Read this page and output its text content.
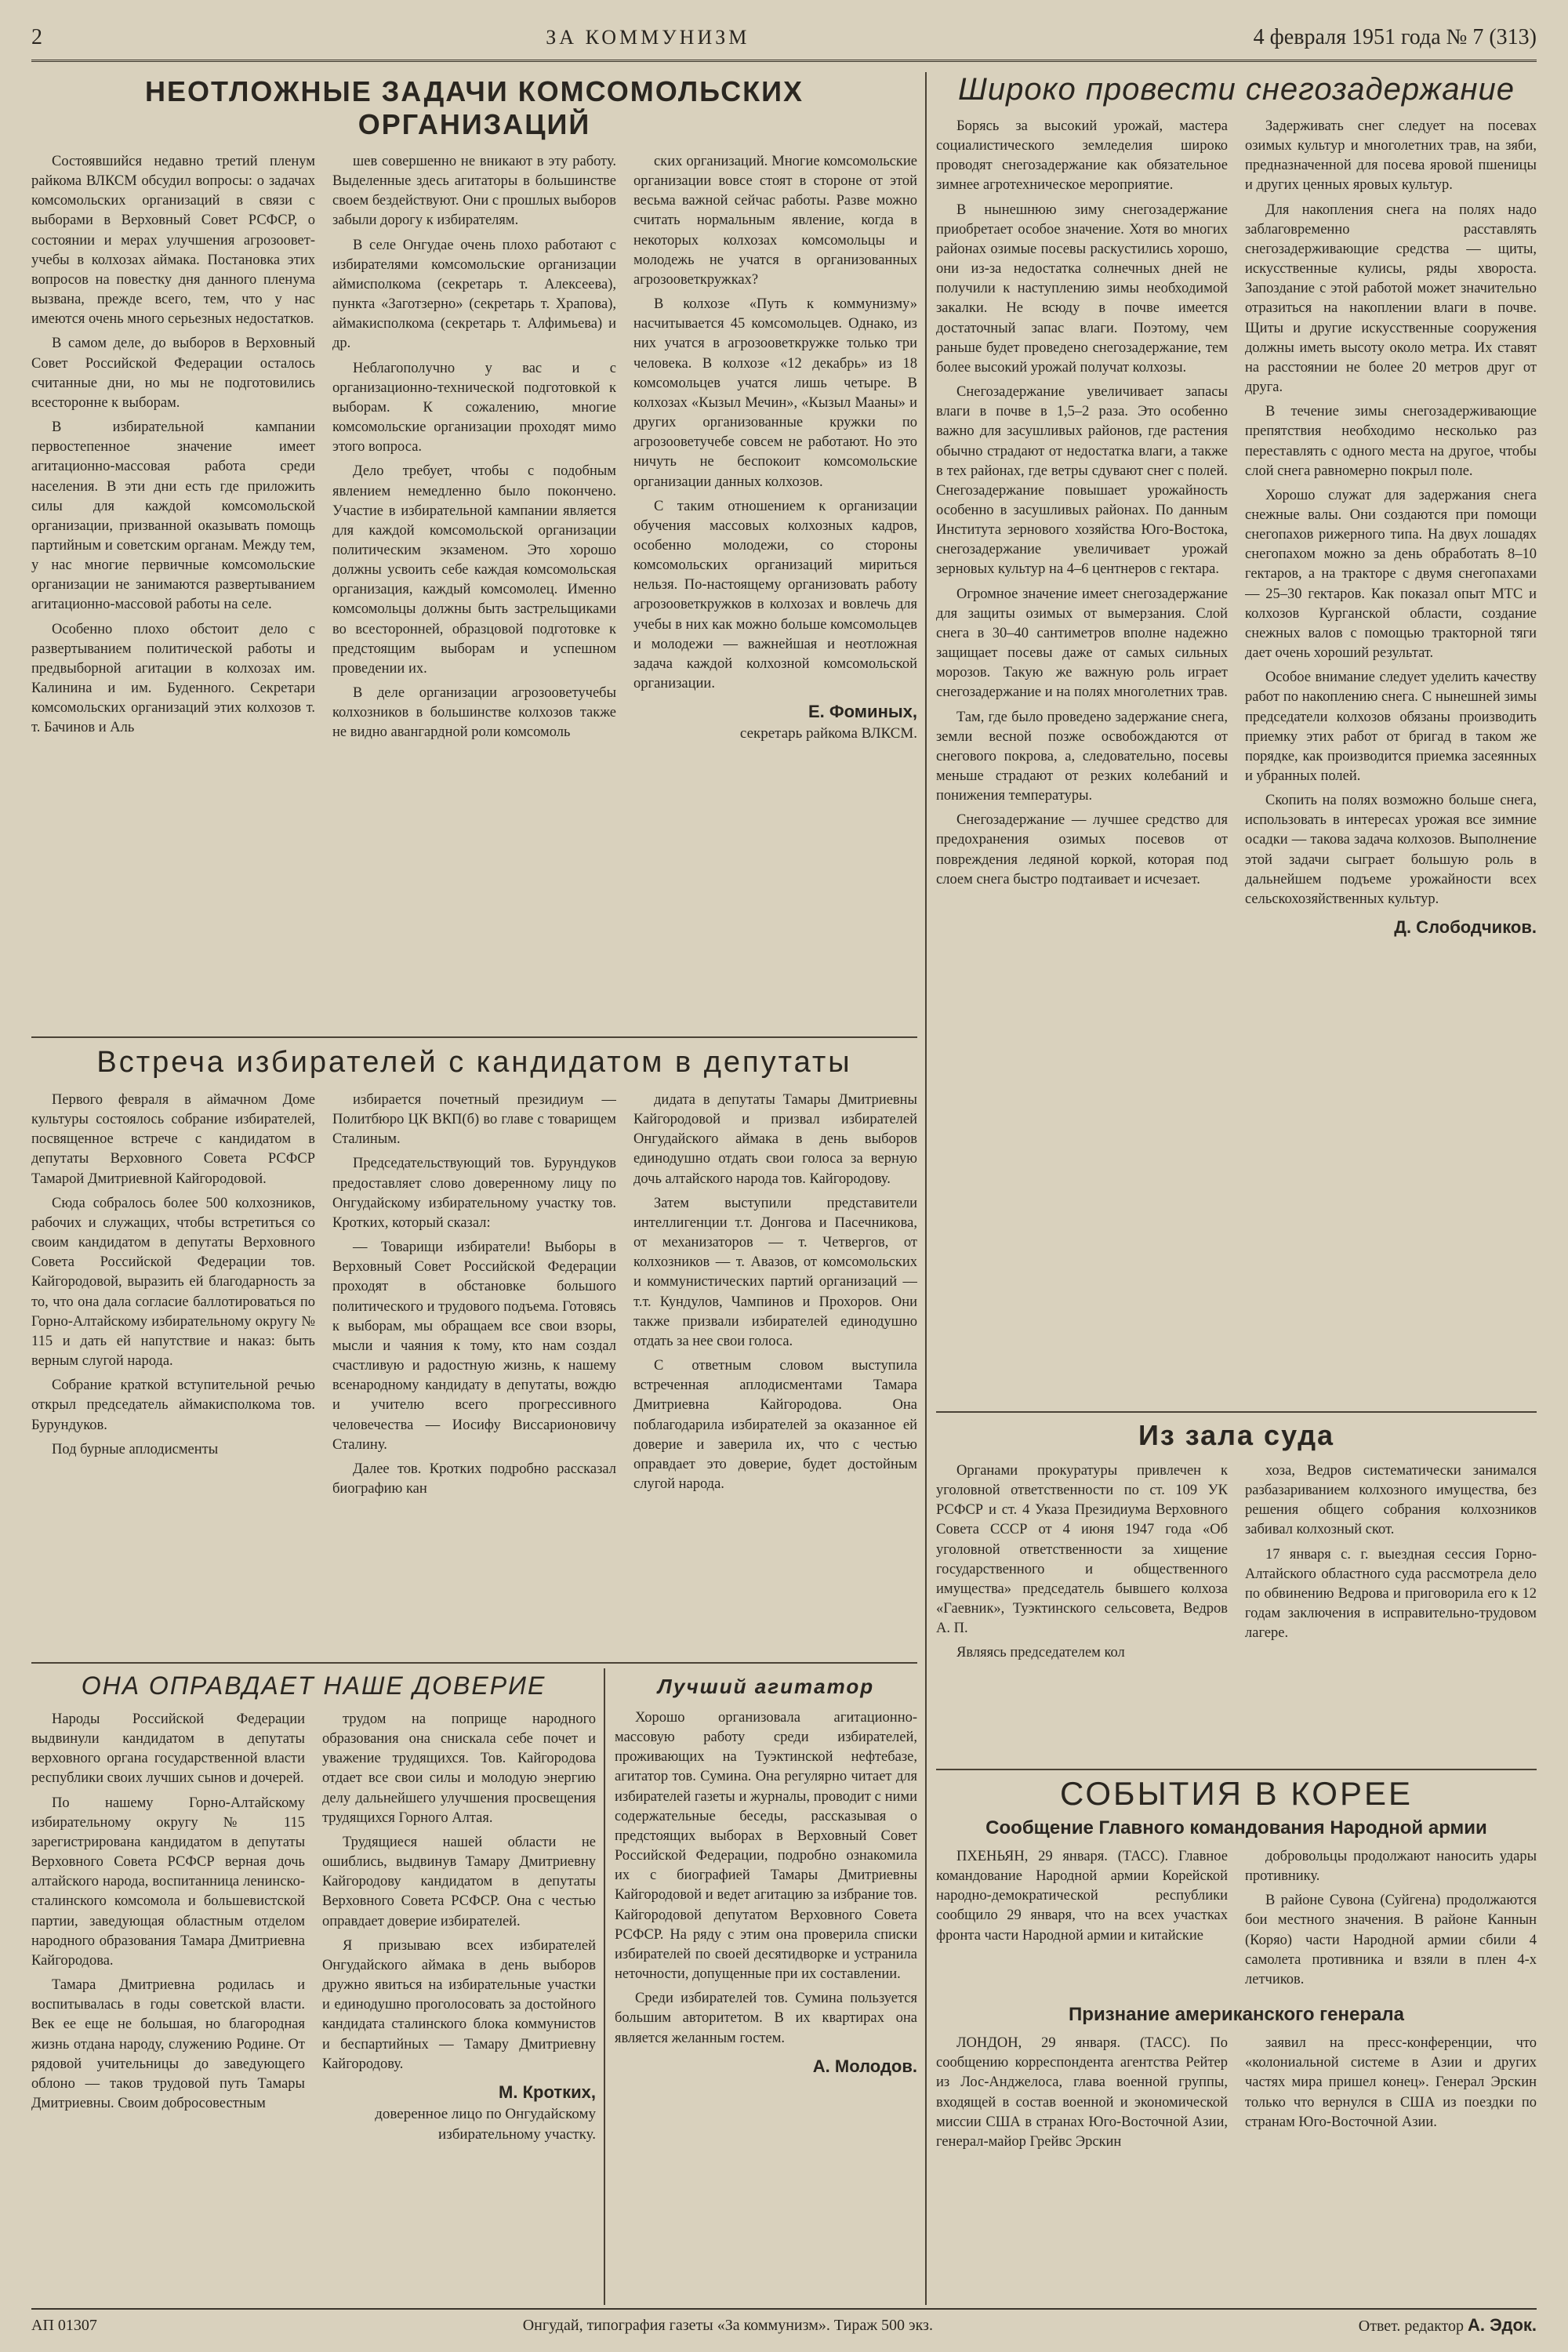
2	ЗА КОММУНИЗМ	4 февраля 1951 года № 7 (313)
НЕОТЛОЖНЫЕ ЗАДАЧИ КОМСОМОЛЬСКИХ ОРГАНИЗАЦИЙ

Состоявшийся недавно третий пленум райкома ВЛКСМ обсудил вопросы: о задачах комсомольских организаций в связи с выборами в Верховный Совет РСФСР, о состоянии и мерах улучшения агрозооветучебы в колхозах аймака. Постановка этих вопросов на повестку дня данного пленума вызвана, прежде всего, тем, что у нас имеются очень много серьезных недостатков.

В самом деле, до выборов в Верховный Совет Российской Федерации осталось считанные дни, но мы не подготовились всесторонне к выборам.

В избирательной кампании первостепенное значение имеет агитационно-массовая работа среди населения. В эти дни есть где приложить силы для каждой комсомольской организации, призванной оказывать помощь партийным и советским органам. Между тем, у нас многие первичные комсомольские организации не занимаются развертыванием агитационно-массовой работы на селе.

Особенно плохо обстоит дело с развертыванием политической работы и предвыборной агитации в колхозах им. Калинина и им. Буденного. Секретари комсомольских организаций этих колхозов т. т. Бачинов и Аль

шев совершенно не вникают в эту работу. Выделенные здесь агитаторы в большинстве своем бездействуют. Они с прошлых выборов забыли дорогу к избирателям.

В селе Онгудае очень плохо работают с избирателями комсомольские организации аймисполкома (секретарь т. Алексеева), пункта «Заготзерно» (секретарь т. Храпова), аймакисполкома (секретарь т. Алфимьева) и др.

Неблагополучно у вас и с организационно-технической подготовкой к выборам. К сожалению, многие комсомольские организации проходят мимо этого вопроса.

Дело требует, чтобы с подобным явлением немедленно было покончено. Участие в избирательной кампании является для каждой комсомольской организации политическим экзаменом. Это хорошо должны усвоить себе каждая комсомольская организация, каждый комсомолец. Именно комсомольцы должны быть застрельщиками во всесторонней, образцовой подготовке к предстоящим выборам и успешном проведении их.

В деле организации агрозооветучебы колхозников в большинстве колхозов также не видно авангардной роли комсомоль

ских организаций. Многие комсомольские организации вовсе стоят в стороне от этой весьма важной сейчас работы. Разве можно считать нормальным явление, когда в некоторых колхозах комсомольцы и молодежь не учатся в организованных агрозооветкружках?

В колхозе «Путь к коммунизму» насчитывается 45 комсомольцев. Однако, из них учатся в агрозооветкружке только три человека. В колхозе «12 декабрь» из 18 комсомольцев учатся лишь четыре. В колхозах «Кызыл Мечин», «Кызыл Мааны» и других организованные кружки по агрозооветучебе совсем не работают. Но это ничуть не беспокоит комсомольские организации данных колхозов.

С таким отношением к организации обучения массовых колхозных кадров, особенно молодежи, со стороны комсомольских организаций мириться нельзя. По-настоящему организовать работу агрозооветкружков в колхозах и вовлечь для учебы в них как можно больше комсомольцев и молодежи — важнейшая и неотложная задача каждой колхозной комсомольской организации.

Е. Фоминых,
секретарь райкома ВЛКСМ.
Встреча избирателей с кандидатом в депутаты

Первого февраля в аймачном Доме культуры состоялось собрание избирателей, посвященное встрече с кандидатом в депутаты Верховного Совета РСФСР Тамарой Дмитриевной Кайгородовой.

Сюда собралось более 500 колхозников, рабочих и служащих, чтобы встретиться со своим кандидатом в депутаты Верховного Совета Российской Федерации тов. Кайгородовой, выразить ей благодарность за то, что она дала согласие баллотироваться по Горно-Алтайскому избирательному округу № 115 и дать ей напутствие и наказ: быть верным слугой народа.

Собрание краткой вступительной речью открыл председатель аймакисполкома тов. Бурундуков.

Под бурные аплодисменты

избирается почетный президиум — Политбюро ЦК ВКП(б) во главе с товарищем Сталиным.

Председательствующий тов. Бурундуков предоставляет слово доверенному лицу по Онгудайскому избирательному участку тов. Кротких, который сказал:

— Товарищи избиратели! Выборы в Верховный Совет Российской Федерации проходят в обстановке большого политического и трудового подъема. Готовясь к выборам, мы обращаем все свои взоры, мысли и чаяния к тому, кто нам создал счастливую и радостную жизнь, к нашему всенародному кандидату в депутаты, вождю и учителю всего прогрессивного человечества — Иосифу Виссарионовичу Сталину.

Далее тов. Кротких подробно рассказал биографию кан

дидата в депутаты Тамары Дмитриевны Кайгородовой и призвал избирателей Онгудайского аймака в день выборов единодушно отдать свои голоса за верную дочь алтайского народа тов. Кайгородову.

Затем выступили представители интеллигенции т.т. Донгова и Пасечникова, от механизаторов — т. Четвергов, от колхозников — т. Авазов, от комсомольских и коммунистических партий организаций — т.т. Кундулов, Чампинов и Прохоров. Они также призвали избирателей единодушно отдать за нее свои голоса.

С ответным словом выступила встреченная аплодисментами Тамара Дмитриевна Кайгородова. Она поблагодарила избирателей за оказанное ей доверие и заверила их, что с честью оправдает это доверие, будет достойным слугой народа.

ОНА ОПРАВДАЕТ НАШЕ ДОВЕРИЕ

Народы Российской Федерации выдвинули кандидатом в депутаты верховного органа государственной власти республики своих лучших сынов и дочерей.

По нашему Горно-Алтайскому избирательному округу № 115 зарегистрирована кандидатом в депутаты Верховного Совета РСФСР верная дочь алтайского народа, воспитанница ленинско-сталинского комсомола и большевистской партии, заведующая областным отделом народного образования Тамара Дмитриевна Кайгородова.

Тамара Дмитриевна родилась и воспитывалась в годы советской власти. Век ее еще не большая, но благородная жизнь отдана народу, служению Родине. От рядовой учительницы до заведующего облоно — таков трудовой путь Тамары Дмитриевны. Своим добросовестным

трудом на поприще народного образования она снискала себе почет и уважение трудящихся. Тов. Кайгородова отдает все свои силы и молодую энергию делу дальнейшего улучшения просвещения трудящихся Горного Алтая.

Трудящиеся нашей области не ошиблись, выдвинув Тамару Дмитриевну Кайгородову кандидатом в депутаты Верховного Совета РСФСР. Она с честью оправдает доверие избирателей.

Я призываю всех избирателей Онгудайского аймака в день выборов дружно явиться на избирательные участки и единодушно проголосовать за достойного кандидата сталинского блока коммунистов и беспартийных — Тамару Дмитриевну Кайгородову.

М. Кротких,
доверенное лицо по Онгудайскому избирательному участку.
Лучший агитатор

Хорошо организовала агитационно-массовую работу среди избирателей, проживающих на Туэктинской нефтебазе, агитатор тов. Сумина. Она регулярно читает для избирателей газеты и журналы, проводит с ними содержательные беседы, рассказывая о предстоящих выборах в Верховный Совет Российской Федерации, подробно ознакомила их с биографией Тамары Дмитриевны Кайгородовой и ведет агитацию за избрание тов. Кайгородовой депутатом Верховного Совета РСФСР. На ряду с этим она проверила списки избирателей по своей десятидворке и устранила неточности, допущенные при их составлении.

Среди избирателей тов. Сумина пользуется большим авторитетом. В их квартирах она является желанным гостем.

А. Молодов.
Широко провести снегозадержание

Борясь за высокий урожай, мастера социалистического земледелия широко проводят снегозадержание как обязательное зимнее агротехническое мероприятие.

В нынешнюю зиму снегозадержание приобретает особое значение. Хотя во многих районах озимые посевы раскустились хорошо, они из-за недостатка солнечных дней не получили к наступлению зимы необходимой закалки. Не всюду в почве имеется достаточный запас влаги. Поэтому, чем раньше будет проведено снегозадержание, тем более высокий урожай получат колхозы.

Снегозадержание увеличивает запасы влаги в почве в 1,5–2 раза. Это особенно важно для засушливых районов, где растения обычно страдают от недостатка влаги, а также в тех районах, где ветры сдувают снег с полей. Снегозадержание повышает урожайность особенно в засушливых районах. По данным Института зернового хозяйства Юго-Востока, снегозадержание увеличивает урожай зерновых культур на 4–6 центнеров с гектара.

Огромное значение имеет снегозадержание для защиты озимых от вымерзания. Слой снега в 30–40 сантиметров вполне надежно защищает посевы даже от самых сильных морозов. Такую же важную роль играет снегозадержание и на полях многолетних трав.

Там, где было проведено задержание снега, земли весной позже освобождаются от снегового покрова, а, следовательно, посевы меньше страдают от резких колебаний и понижения температуры.

Снегозадержание — лучшее средство для предохранения озимых посевов от повреждения ледяной коркой, которая под слоем снега быстро подтаивает и исчезает.

Задерживать снег следует на посевах озимых культур и многолетних трав, на зяби, предназначенной для посева яровой пшеницы и других ценных яровых культур.

Для накопления снега на полях надо заблаговременно расставлять снегозадерживающие средства — щиты, искусственные кулисы, ряды хвороста. Запоздание с этой работой может значительно отразиться на накоплении влаги в почве. Щиты и другие искусственные сооружения должны иметь высоту около метра. Их ставят на расстоянии не более 20 метров друг от друга.

В течение зимы снегозадерживающие препятствия необходимо несколько раз переставлять с одного места на другое, чтобы слой снега равномерно покрыл поле.

Хорошо служат для задержания снега снежные валы. Они создаются при помощи снегопахов рижерного типа. На двух лошадях снегопахом можно за день обработать 8–10 гектаров, а на тракторе с двумя снегопахами — 25–30 гектаров. Как показал опыт МТС и колхозов Курганской области, создание снежных валов с помощью тракторной тяги дает очень хороший результат.

Особое внимание следует уделить качеству работ по накоплению снега. С нынешней зимы председатели колхозов обязаны производить приемку этих работ от бригад в таком же порядке, как производится приемка засеянных и убранных полей.

Скопить на полях возможно больше снега, использовать в интересах урожая все зимние осадки — такова задача колхозов. Выполнение этой задачи сыграет большую роль в дальнейшем подъеме урожайности всех сельскохозяйственных культур.

Д. Слободчиков.
Из зала суда

Органами прокуратуры привлечен к уголовной ответственности по ст. 109 УК РСФСР и ст. 4 Указа Президиума Верховного Совета СССР от 4 июня 1947 года «Об уголовной ответственности за хищение государственного и общественного имущества» председатель бывшего колхоза «Гаевник», Туэктинского сельсовета, Ведров А. П.

Являясь председателем кол

хоза, Ведров систематически занимался разбазариванием колхозного имущества, без решения общего собрания колхозников забивал колхозный скот.

17 января с. г. выездная сессия Горно-Алтайского областного суда рассмотрела дело по обвинению Ведрова и приговорила его к 12 годам заключения в исправительно-трудовом лагере.

СОБЫТИЯ В КОРЕЕ
Сообщение Главного командования Народной армии

ПХЕНЬЯН, 29 января. (ТАСС). Главное командование Народной армии Корейской народно-демократической республики сообщило 29 января, что на всех участках фронта части Народной армии и китайские

добровольцы продолжают наносить удары противнику.

В районе Сувона (Суйгена) продолжаются бои местного значения. В районе Каннын (Коряо) части Народной армии сбили 4 самолета противника и взяли в плен 4-х летчиков.

Признание американского генерала

ЛОНДОН, 29 января. (ТАСС). По сообщению корреспондента агентства Рейтер из Лос-Анджелоса, глава военной группы, входящей в состав военной и экономической миссии США в странах Юго-Восточной Азии, генерал-майор Грейвс Эрскин

заявил на пресс-конференции, что «колониальной системе в Азии и других частях мира пришел конец». Генерал Эрскин только что вернулся в США из поездки по странам Юго-Восточной Азии.

АП 01307	Онгудай, типография газеты «За коммунизм». Тираж 500 экз.	Ответ. редактор А. Эдок.
